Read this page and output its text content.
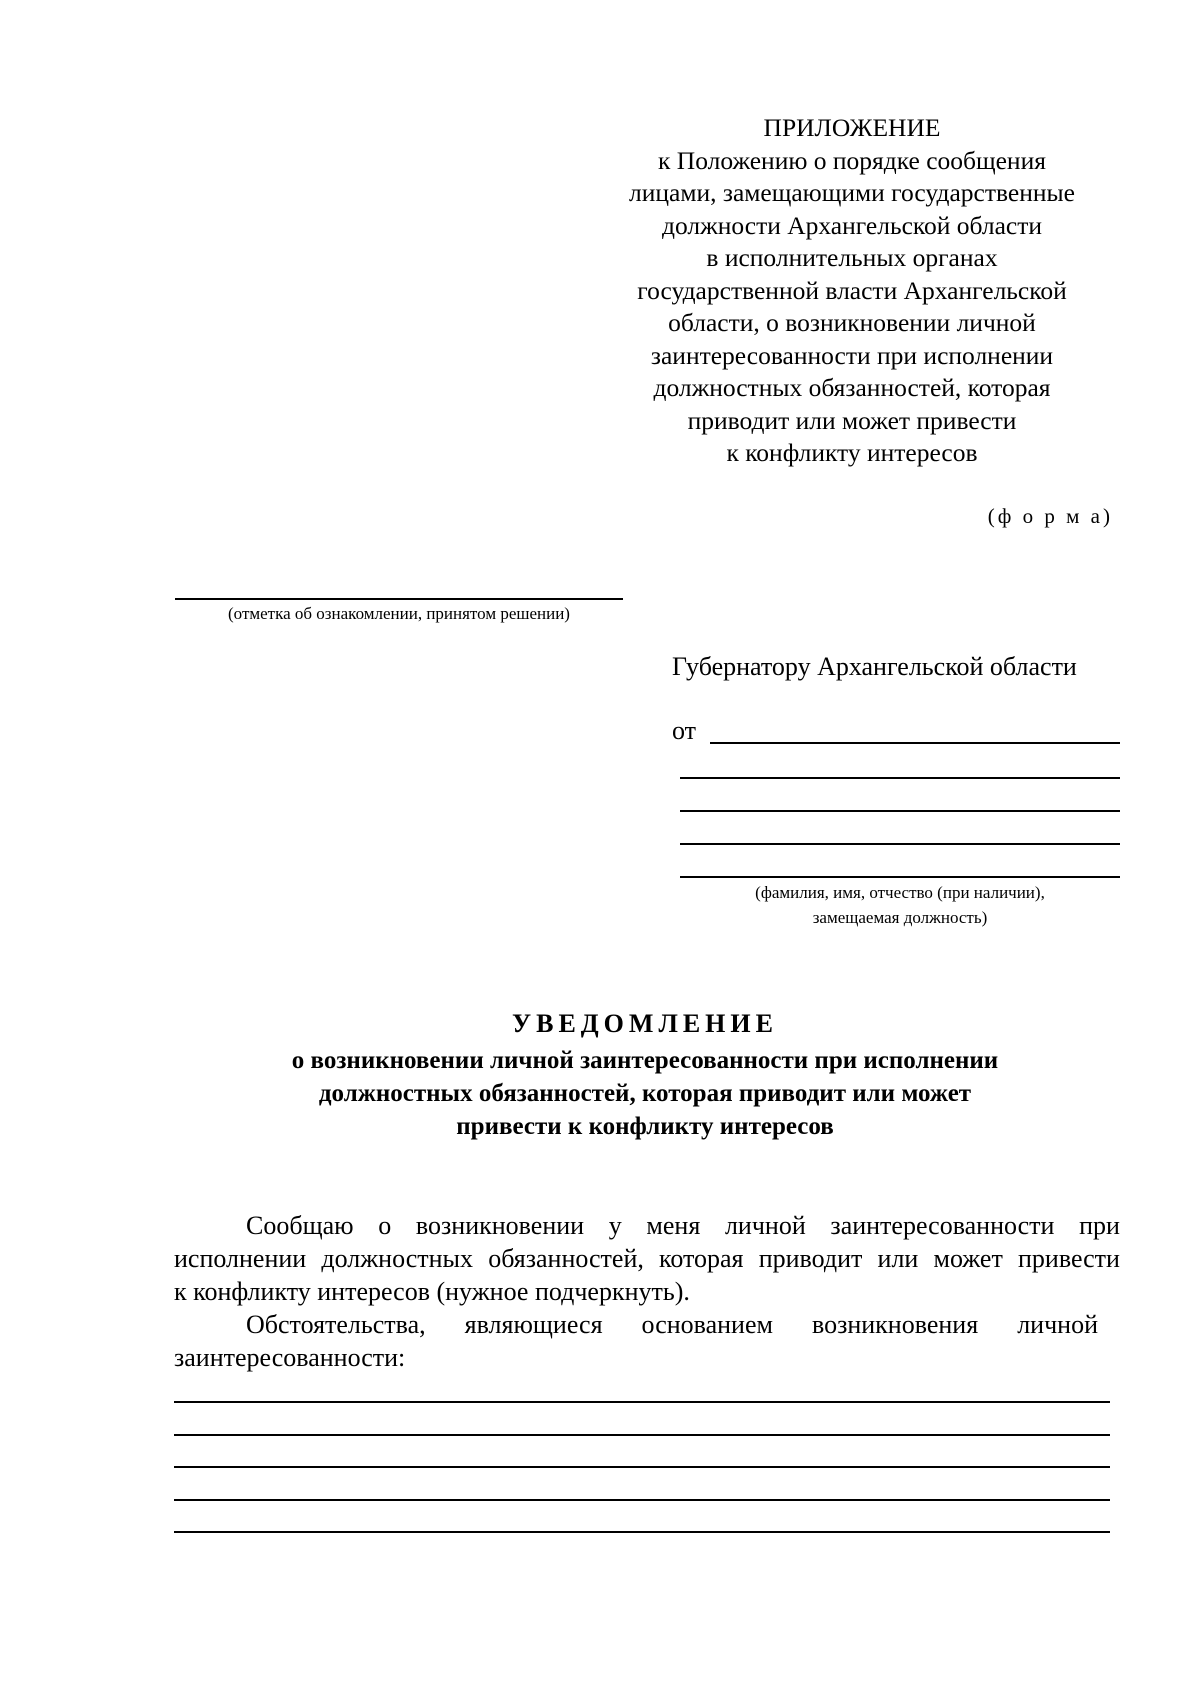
ПРИЛОЖЕНИЕ
к Положению о порядке сообщения
лицами, замещающими государственные
должности Архангельской области
в исполнительных органах
государственной власти Архангельской
области, о возникновении личной
заинтересованности при исполнении
должностных обязанностей, которая
приводит или может привести
к конфликту интересов
(ф о р м а)
(отметка об ознакомлении, принятом решении)
Губернатору Архангельской области
от
(фамилия, имя, отчество (при наличии),
замещаемая должность)
УВЕДОМЛЕНИЕ
о возникновении личной заинтересованности при исполнении
должностных обязанностей, которая приводит или может
привести к конфликту интересов
Сообщаю о возникновении у меня личной заинтересованности при
исполнении должностных обязанностей, которая приводит или может привести
к конфликту интересов (нужное подчеркнуть).
Обстоятельства, являющиеся основанием возникновения личной
заинтересованности:
